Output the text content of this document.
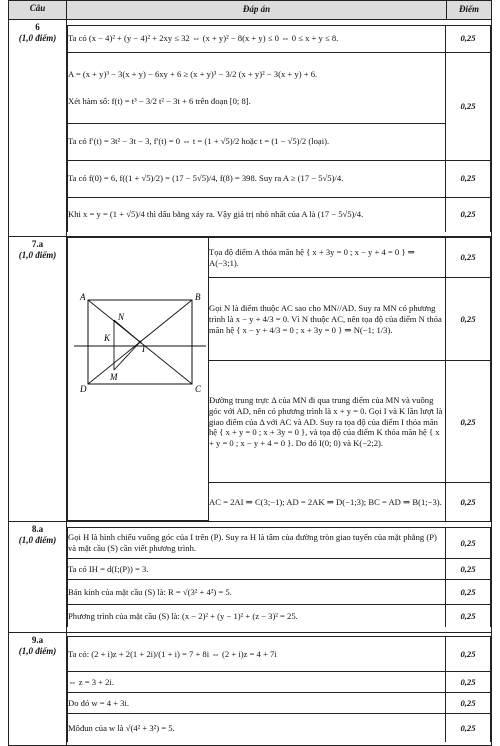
Câu	Đáp án	Điểm
6
(1,0 điểm)
		Ta có (x − 4)² + (y − 4)² + 2xy ≤ 32 ⇔ (x + y)² − 8(x + y) ≤ 0 ⇔ 0 ≤ x + y ≤ 8.	0,25

A = (x + y)³ − 3(x + y) − 6xy + 6 ≥ (x + y)³ − 3/2 (x + y)² − 3(x + y) + 6.
Xét hàm số: f(t) = t³ − 3/2 t² − 3t + 6 trên đoạn [0; 8].
	0,25
Ta có f′(t) = 3t² − 3t − 3, f′(t) = 0 ⇔ t = (1 + √5)/2 hoặc t = (1 − √5)/2 (loại).
Ta có f(0) = 6, f((1 + √5)/2) = (17 − 5√5)/4, f(8) = 398. Suy ra A ≥ (17 − 5√5)/4.	0,25
Khi x = y = (1 + √5)/4 thì dấu bằng xảy ra. Vậy giá trị nhỏ nhất của A là (17 − 5√5)/4.	0,25

7.a
(1,0 điểm)

A	B
D	C
N
K
I
M
	Tọa độ điểm A thỏa mãn hệ { x + 3y = 0 ; x − y + 4 = 0 } ⇒ A(−3;1).	0,25
Gọi N là điểm thuộc AC sao cho MN//AD. Suy ra MN có phương trình là x − y + 4/3 = 0. Vì N thuộc AC, nên tọa độ của điểm N thỏa mãn hệ { x − y + 4/3 = 0 ; x + 3y = 0 } ⇒ N(−1; 1/3).	0,25
Đường trung trực Δ của MN đi qua trung điểm của MN và vuông góc với AD, nên có phương trình là x + y = 0. Gọi I và K lần lượt là giao điểm của Δ với AC và AD. Suy ra tọa độ của điểm I thỏa mãn hệ { x + y = 0 ; x + 3y = 0 }, và tọa độ của điểm K thỏa mãn hệ { x + y = 0 ; x − y + 4 = 0 }. Do đó I(0; 0) và K(−2;2).	0,25
AC = 2AI ⇒ C(3;−1); AD = 2AK ⇒ D(−1;3); BC = AD ⇒ B(1;−3).	0,25

8.a
(1,0 điểm)
		Gọi H là hình chiếu vuông góc của I trên (P). Suy ra H là tâm của đường tròn giao tuyến của mặt phẳng (P) và mặt cầu (S) cần viết phương trình.	0,25
Ta có IH = d(I;(P)) = 3.	0,25
Bán kính của mặt cầu (S) là: R = √(3² + 4²) = 5.	0,25
Phương trình của mặt cầu (S) là: (x − 2)² + (y − 1)² + (z − 3)² = 25.	0,25

9.a
(1,0 điểm)
		Ta có: (2 + i)z + 2(1 + 2i)/(1 + i) = 7 + 8i ⇔ (2 + i)z = 4 + 7i	0,25
⇔ z = 3 + 2i.	0,25
Do đó w = 4 + 3i.	0,25
Môđun của w là √(4² + 3²) = 5.	0,25
